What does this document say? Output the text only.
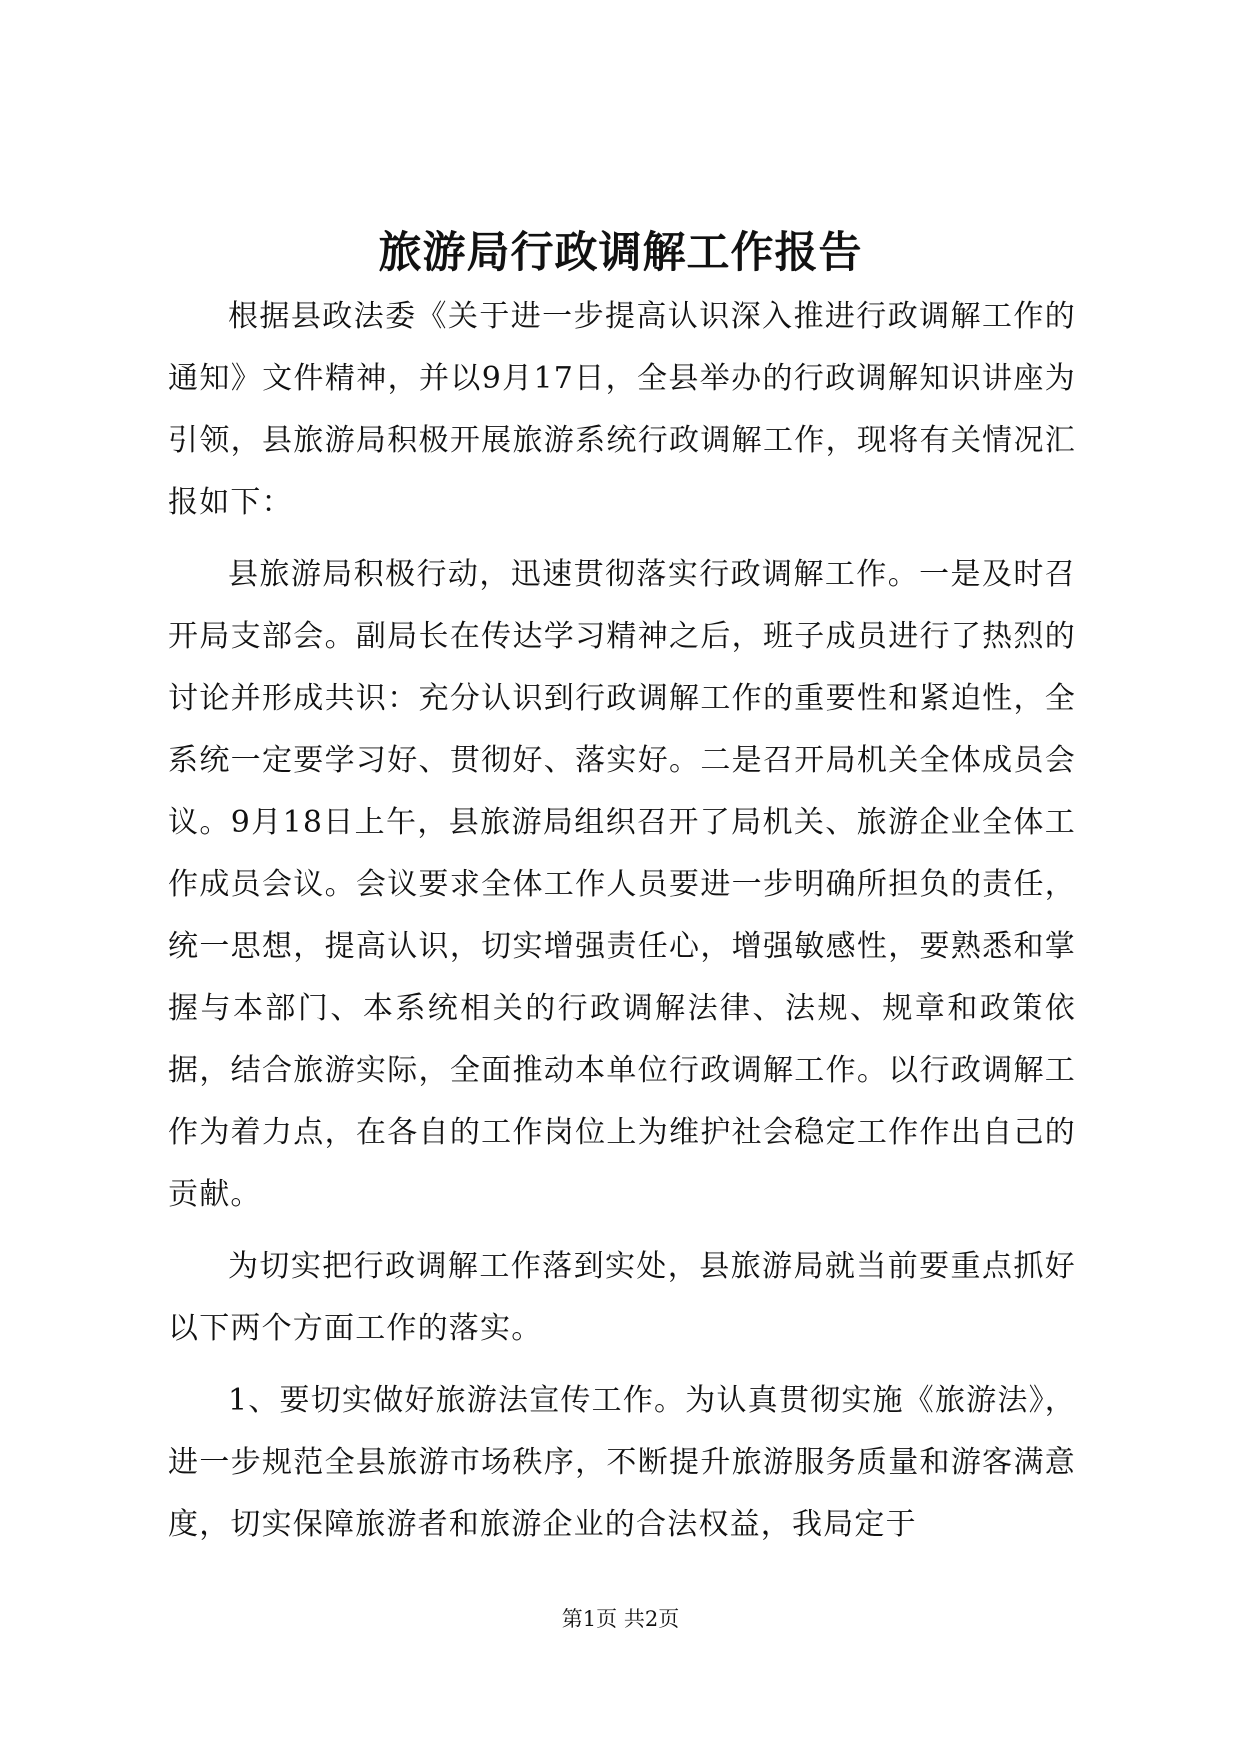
旅游局行政调解工作报告

根据县政法委《关于进一步提高认识深入推进行政调解工作的通知》文件精神，并以9月17日，全县举办的行政调解知识讲座为引领，县旅游局积极开展旅游系统行政调解工作，现将有关情况汇报如下：

县旅游局积极行动，迅速贯彻落实行政调解工作。一是及时召开局支部会。副局长在传达学习精神之后，班子成员进行了热烈的讨论并形成共识：充分认识到行政调解工作的重要性和紧迫性，全系统一定要学习好、贯彻好、落实好。二是召开局机关全体成员会议。9月18日上午，县旅游局组织召开了局机关、旅游企业全体工作成员会议。会议要求全体工作人员要进一步明确所担负的责任，统一思想，提高认识，切实增强责任心，增强敏感性，要熟悉和掌握与本部门、本系统相关的行政调解法律、法规、规章和政策依据，结合旅游实际，全面推动本单位行政调解工作。以行政调解工作为着力点，在各自的工作岗位上为维护社会稳定工作作出自己的贡献。

为切实把行政调解工作落到实处，县旅游局就当前要重点抓好以下两个方面工作的落实。

1、要切实做好旅游法宣传工作。为认真贯彻实施《旅游法》，进一步规范全县旅游市场秩序，不断提升旅游服务质量和游客满意度，切实保障旅游者和旅游企业的合法权益，我局定于

第1页 共2页
